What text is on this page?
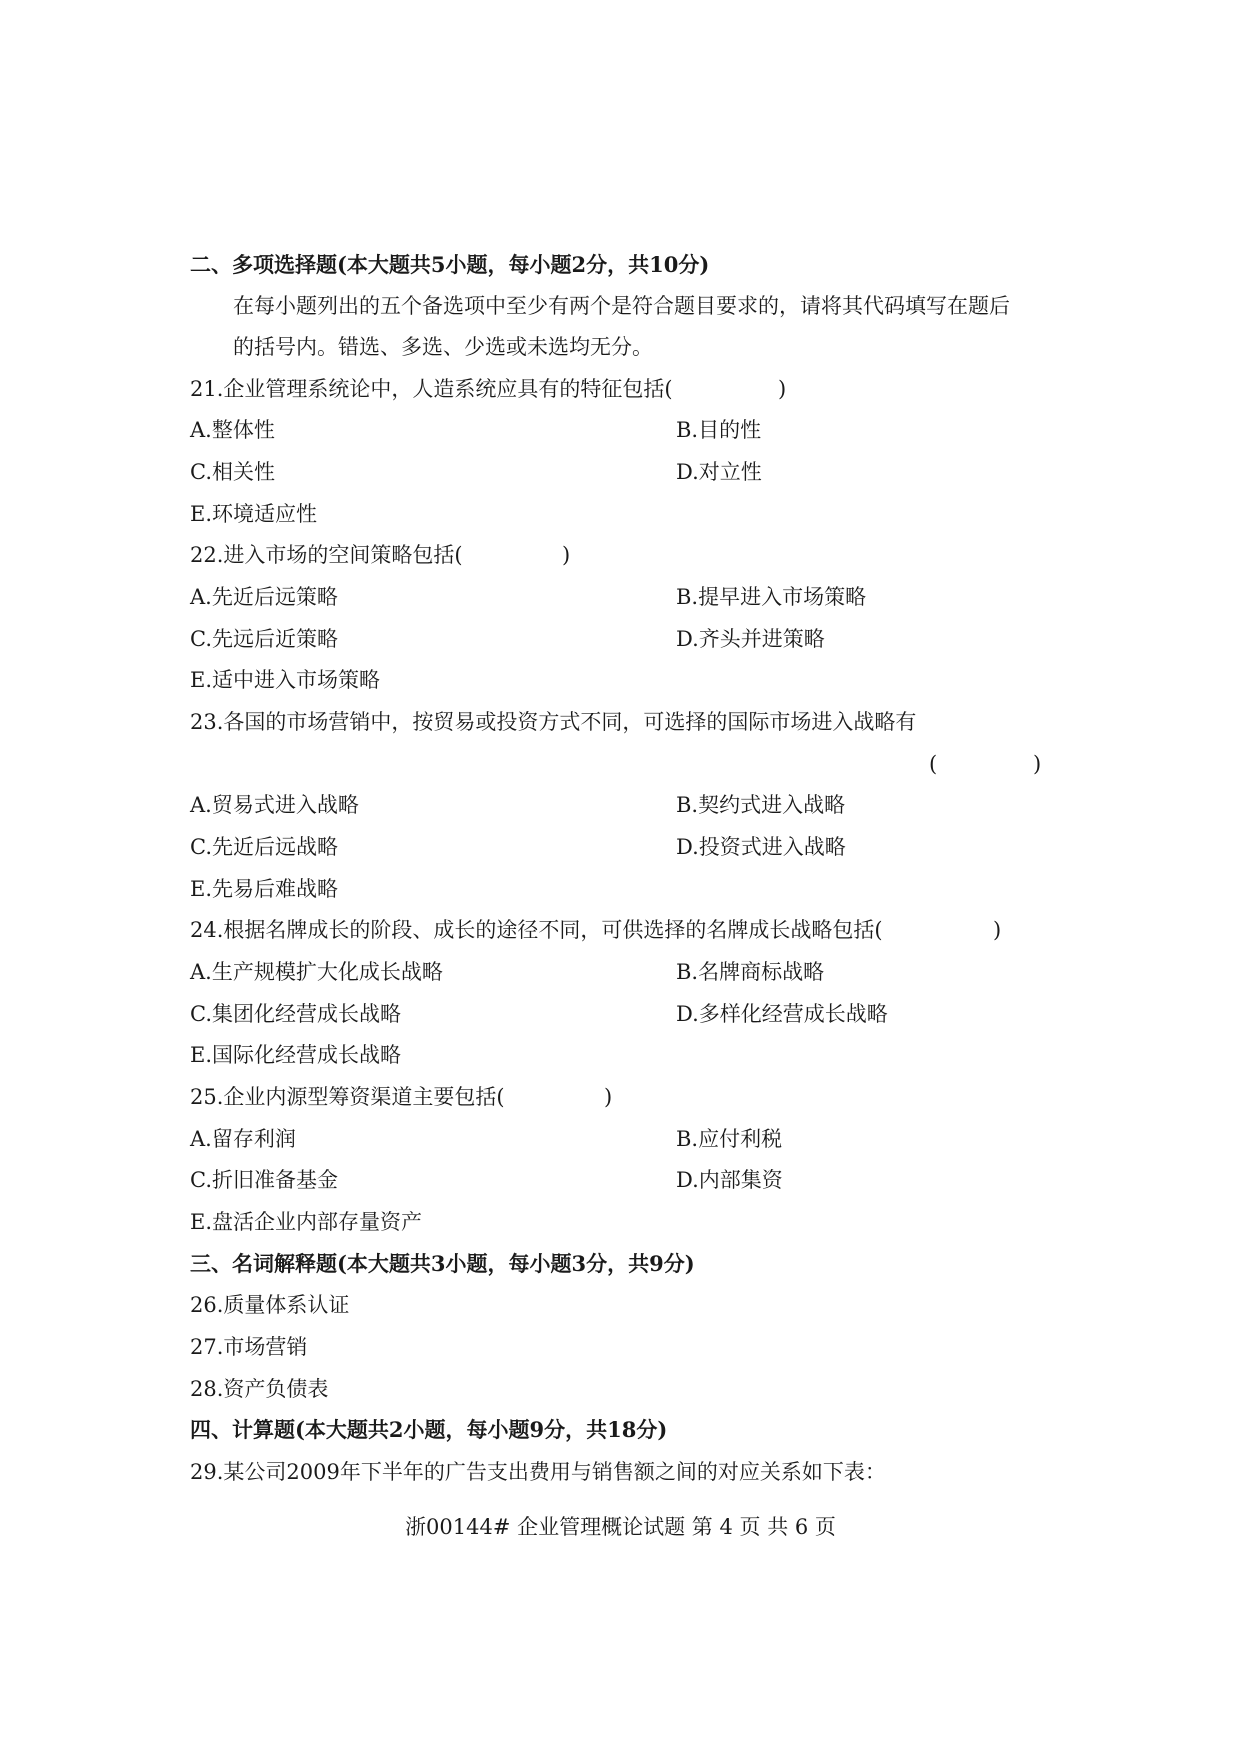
二、多项选择题(本大题共5小题，每小题2分，共10分)
在每小题列出的五个备选项中至少有两个是符合题目要求的，请将其代码填写在题后
的括号内。错选、多选、少选或未选均无分。
21.企业管理系统论中，人造系统应具有的特征包括(	)
A.整体性	B.目的性
C.相关性	D.对立性
E.环境适应性
22.进入市场的空间策略包括(	)
A.先近后远策略	B.提早进入市场策略
C.先远后近策略	D.齐头并进策略
E.适中进入市场策略
23.各国的市场营销中，按贸易或投资方式不同，可选择的国际市场进入战略有
(	)
A.贸易式进入战略	B.契约式进入战略
C.先近后远战略	D.投资式进入战略
E.先易后难战略
24.根据名牌成长的阶段、成长的途径不同，可供选择的名牌成长战略包括(	)
A.生产规模扩大化成长战略	B.名牌商标战略
C.集团化经营成长战略	D.多样化经营成长战略
E.国际化经营成长战略
25.企业内源型筹资渠道主要包括(	)
A.留存利润	B.应付利税
C.折旧准备基金	D.内部集资
E.盘活企业内部存量资产
三、名词解释题(本大题共3小题，每小题3分，共9分)
26.质量体系认证
27.市场营销
28.资产负债表
四、计算题(本大题共2小题，每小题9分，共18分)
29.某公司2009年下半年的广告支出费用与销售额之间的对应关系如下表：
浙00144# 企业管理概论试题 第 4 页 共 6 页
